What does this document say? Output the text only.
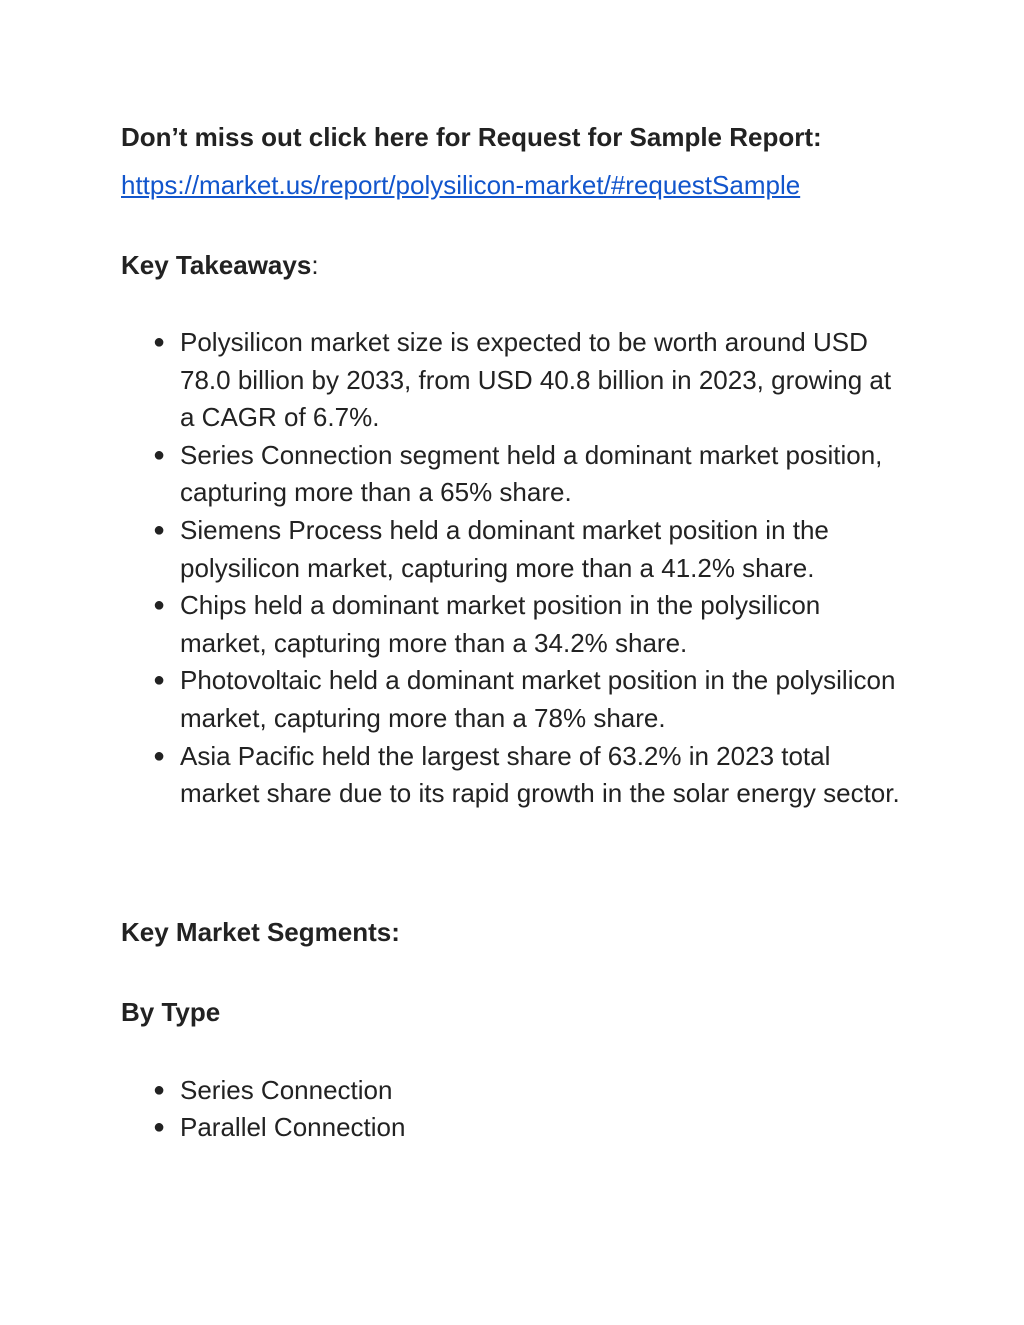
Don’t miss out click here for Request for Sample Report:

https://market.us/report/polysilicon-market/#requestSample

Key Takeaways:

● Polysilicon market size is expected to be worth around USD 78.0 billion by 2033, from USD 40.8 billion in 2023, growing at a CAGR of 6.7%.
● Series Connection segment held a dominant market position, capturing more than a 65% share.
● Siemens Process held a dominant market position in the polysilicon market, capturing more than a 41.2% share.
● Chips held a dominant market position in the polysilicon market, capturing more than a 34.2% share.
● Photovoltaic held a dominant market position in the polysilicon market, capturing more than a 78% share.
● Asia Pacific held the largest share of 63.2% in 2023 total market share due to its rapid growth in the solar energy sector.

Key Market Segments:

By Type

● Series Connection
● Parallel Connection
